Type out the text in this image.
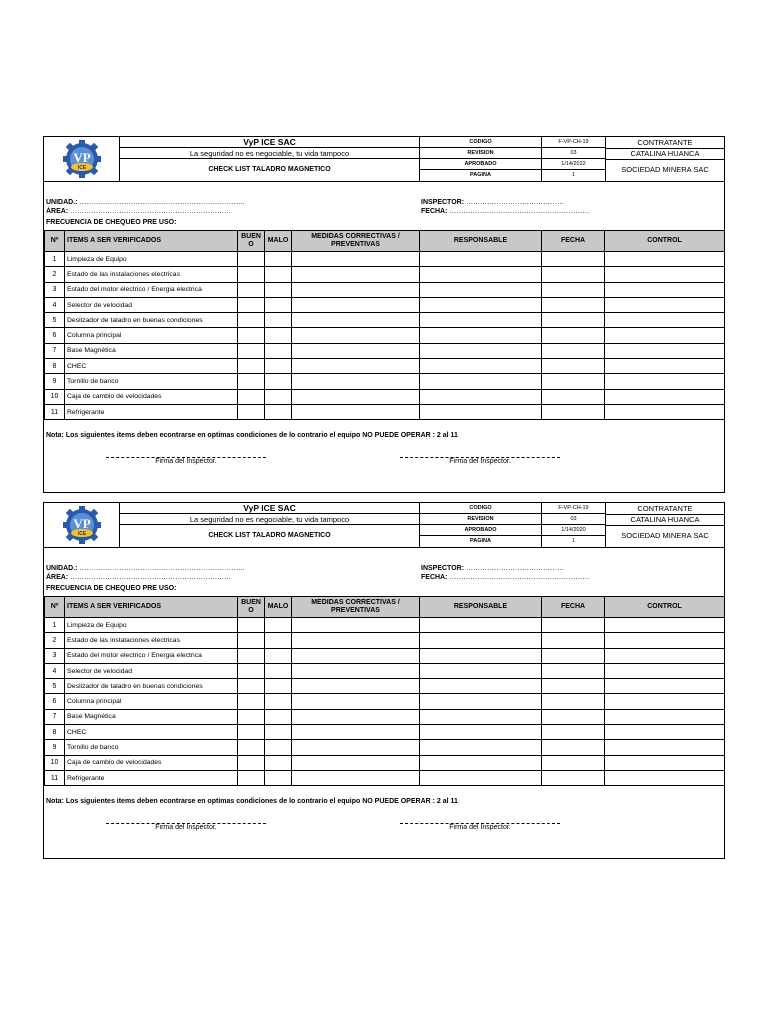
VP
ICE
VyP ICE SAC
La seguridad no es negociable, tu vida tampoco
CHECK LIST TALADRO MAGNETICO
CODIGO	F-VP-CH-19
REVISION	03
APROBADO	1/14/2022
PAGINA	1
CONTRATANTE
CATALINA HUANCA
SOCIEDAD MINERA SAC
UNIDAD.: ……………………………………………………………..
ÁREA: ……………………………………………………………
FRECUENCIA DE CHEQUEO PRE USO:
INSPECTOR: ……………………………………
FECHA: ……………………………………………………
Nº	ITEMS A SER VERIFICADOS	BUEN O	MALO	MEDIDAS CORRECTIVAS / PREVENTIVAS	RESPONSABLE	FECHA	CONTROL
1	Limpieza de Equipo						
2	Estado de las instalaciones electricas						
3	Estado del motor electrico / Energia electrica						
4	Selector de velocidad						
5	Deslizador de taladro en buenas condiciones						
6	Columna principal						
7	Base Magnética						
8	CHEC						
9	Tornillo de banco						
10	Caja de cambio de velocidades						
11	Refrigerante						
Nota: Los siguientes items deben econtrarse en optimas condiciones de lo contrario el equipo NO PUEDE OPERAR : 2 al 11
Firma del Inspector.	Firma del Inspector.
VP
ICE
VyP ICE SAC
La seguridad no es negociable, tu vida tampoco
CHECK LIST TALADRO MAGNETICO
CODIGO	F-VP-CH-19
REVISION	03
APROBADO	1/14/2020
PAGINA	1
CONTRATANTE
CATALINA HUANCA
SOCIEDAD MINERA SAC
UNIDAD.: ……………………………………………………………..
ÁREA: ……………………………………………………………
FRECUENCIA DE CHEQUEO PRE USO:
INSPECTOR: ……………………………………
FECHA: ……………………………………………………
Nº	ITEMS A SER VERIFICADOS	BUEN O	MALO	MEDIDAS CORRECTIVAS / PREVENTIVAS	RESPONSABLE	FECHA	CONTROL
1	Limpieza de Equipo						
2	Estado de las instalaciones electricas						
3	Estado del motor electrico / Energia electrica						
4	Selector de velocidad						
5	Deslizador de taladro en buenas condiciones						
6	Columna principal						
7	Base Magnética						
8	CHEC						
9	Tornillo de banco						
10	Caja de cambio de velocidades						
11	Refrigerante						
Nota: Los siguientes items deben econtrarse en optimas condiciones de lo contrario el equipo NO PUEDE OPERAR : 2 al 11
Firma del Inspector.	Firma del Inspector.
